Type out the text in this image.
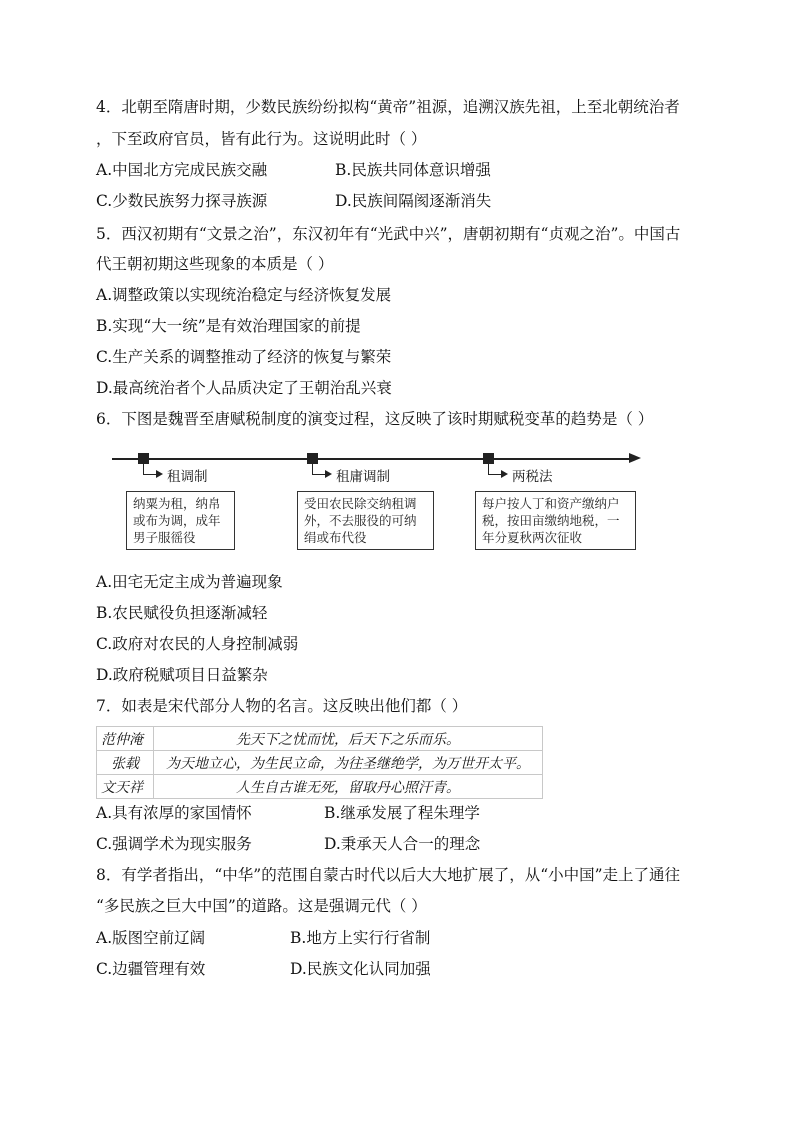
4．北朝至隋唐时期，少数民族纷纷拟构“黄帝”祖源，追溯汉族先祖，上至北朝统治者
，下至政府官员，皆有此行为。这说明此时（ ）
A.中国北方完成民族交融	B.民族共同体意识增强
C.少数民族努力探寻族源	D.民族间隔阂逐渐消失
5．西汉初期有“文景之治”，东汉初年有“光武中兴”，唐朝初期有“贞观之治”。中国古
代王朝初期这些现象的本质是（ ）
A.调整政策以实现统治稳定与经济恢复发展
B.实现“大一统”是有效治理国家的前提
C.生产关系的调整推动了经济的恢复与繁荣
D.最高统治者个人品质决定了王朝治乱兴衰
6．下图是魏晋至唐赋税制度的演变过程，这反映了该时期赋税变革的趋势是（ ）
租调制
纳粟为租，纳帛或布为调，成年男子服徭役
租庸调制
受田农民除交纳租调外，不去服役的可纳绢或布代役
两税法
每户按人丁和资产缴纳户税，按田亩缴纳地税，一年分夏秋两次征收
A.田宅无定主成为普遍现象
B.农民赋役负担逐渐减轻
C.政府对农民的人身控制减弱
D.政府税赋项目日益繁杂
7．如表是宋代部分人物的名言。这反映出他们都（ ）
范仲淹	先天下之忧而忧，后天下之乐而乐。
张载	为天地立心，为生民立命，为往圣继绝学，为万世开太平。
文天祥	人生自古谁无死，留取丹心照汗青。
A.具有浓厚的家国情怀	B.继承发展了程朱理学
C.强调学术为现实服务	D.秉承天人合一的理念
8．有学者指出，“中华”的范围自蒙古时代以后大大地扩展了，从“小中国”走上了通往
“多民族之巨大中国”的道路。这是强调元代（ ）
A.版图空前辽阔	B.地方上实行行省制
C.边疆管理有效	D.民族文化认同加强
